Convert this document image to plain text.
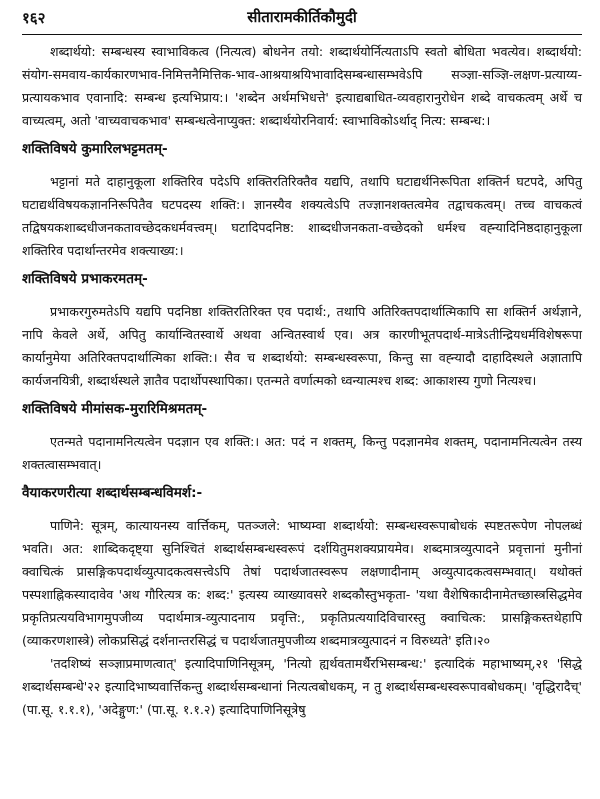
१६२	सीतारामकीर्तिकौमुदी

शब्दार्थयो: सम्बन्धस्य स्वाभाविकत्व (नित्यत्व) बोधनेन तयो: शब्दार्थयोर्नित्यताऽपि स्वतो बोधिता भवत्येव। शब्दार्थयो: संयोग-समवाय-कार्यकारणभाव-निमित्तनैमित्तिक-भाव-आश्रयाश्रयिभावादिसम्बन्धासम्भवेऽपि सञ्ज्ञा-सञ्ज्ञि-लक्षण-प्रत्याय्य-प्रत्यायकभाव एवानादि: सम्बन्ध इत्यभिप्राय:। 'शब्देन अर्थमभिधत्ते' इत्याद्यबाधित-व्यवहारानुरोधेन शब्दे वाचकत्वम् अर्थे च वाच्यत्वम्, अतो 'वाच्यवाचकभाव' सम्बन्धत्वेनाप्युक्त: शब्दार्थयोरनिवार्य: स्वाभाविकोऽर्थाद् नित्य: सम्बन्ध:।

शक्तिविषये कुमारिलभट्टमतम्-

भट्टानां मते दाहानुकूला शक्तिरिव पदेऽपि शक्तिरतिरिक्तैव यद्यपि, तथापि घटाद्यर्थनिरूपिता शक्तिर्न घटपदे, अपितु घटाद्यर्थविषयकज्ञाननिरूपितैव घटपदस्य शक्ति:। ज्ञानस्यैव शक्यत्वेऽपि तज्ज्ञानशक्तत्वमेव तद्वाचकत्वम्। तच्च वाचकत्वं तद्विषयकशाब्दधीजनकतावच्छेदकधर्मवत्त्वम्। घटादिपदनिष्ठ: शाब्दधीजनकता-वच्छेदको धर्मश्च वह्न्यादिनिष्ठदाहानुकूला शक्तिरिव पदार्थान्तरमेव शक्त्याख्य:।

शक्तिविषये प्रभाकरमतम्-

प्रभाकरगुरुमतेऽपि यद्यपि पदनिष्ठा शक्तिरतिरिक्त एव पदार्थ:, तथापि अतिरिक्तपदार्थात्मिकापि सा शक्तिर्न अर्थज्ञाने, नापि केवले अर्थे, अपितु कार्यान्वितस्वार्थे अथवा अन्वितस्वार्थ एव। अत्र कारणीभूतपदार्थ-मात्रेऽतीन्द्रियधर्मविशेषरूपा कार्यानुमेया अतिरिक्तपदार्थात्मिका शक्ति:। सैव च शब्दार्थयो: सम्बन्धस्वरूपा, किन्तु सा वह्न्यादौ दाहादिस्थले अज्ञातापि कार्यजनयित्री, शब्दार्थस्थले ज्ञातैव पदार्थोपस्थापिका। एतन्मते वर्णात्मको ध्वन्यात्मश्च शब्द: आकाशस्य गुणो नित्यश्च।

शक्तिविषये मीमांसक-मुरारिमिश्रमतम्-

एतन्मते पदानामनित्यत्वेन पदज्ञान एव शक्ति:। अत: पदं न शक्तम्, किन्तु पदज्ञानमेव शक्तम्, पदानामनित्यत्वेन तस्य शक्तत्वासम्भवात्।

वैयाकरणरीत्या शब्दार्थसम्बन्धविमर्श:-

पाणिने: सूत्रम्, कात्यायनस्य वार्त्तिकम्, पतञ्जले: भाष्यम्वा शब्दार्थयो: सम्बन्धस्वरूपाबोधकं स्पष्टतरूपेण नोपलब्धं भवति। अत: शाब्दिकदृष्ट्या सुनिश्चितं शब्दार्थसम्बन्धस्वरूपं दर्शयितुमशक्यप्रायमेव। शब्दमात्रव्युत्पादने प्रवृत्तानां मुनीनां क्वाचित्कं प्रासङ्गिकपदार्थव्युत्पादकत्वसत्त्वेऽपि तेषां पदार्थजातस्वरूप लक्षणादीनाम् अव्युत्पादकत्वसम्भवात्। यथोक्तं पस्पशाह्निकस्यादावेव 'अथ गौरित्यत्र क: शब्द:' इत्यस्य व्याख्यावसरे शब्दकौस्तुभकृता- 'यथा वैशेषिकादीनामेतच्छास्त्रसिद्धमेव प्रकृतिप्रत्ययविभागमुपजीव्य पदार्थमात्र-व्युत्पादनाय प्रवृत्ति:, प्रकृतिप्रत्ययादिविचारस्तु क्वाचित्क: प्रासङ्गिकस्तथेहापि (व्याकरणशास्त्रे) लोकप्रसिद्धं दर्शनान्तरसिद्धं च पदार्थजातमुपजीव्य शब्दमात्रव्युत्पादनं न विरुध्यते' इति।२०

'तदशिष्यं सञ्ज्ञाप्रमाणत्वात्' इत्यादिपाणिनिसूत्रम्, 'नित्यो ह्यर्थवतामर्थैरभिसम्बन्ध:' इत्यादिकं महाभाष्यम्,२१ 'सिद्धे शब्दार्थसम्बन्धे'२२ इत्यादिभाष्यवार्त्तिकन्तु शब्दार्थसम्बन्धानां नित्यत्वबोधकम्, न तु शब्दार्थसम्बन्धस्वरूपावबोधकम्। 'वृद्धिरादैच्' (पा.सू. १.१.१), 'अदेङ्गुण:' (पा.सू. १.१.२) इत्यादिपाणिनिसूत्रेषु
